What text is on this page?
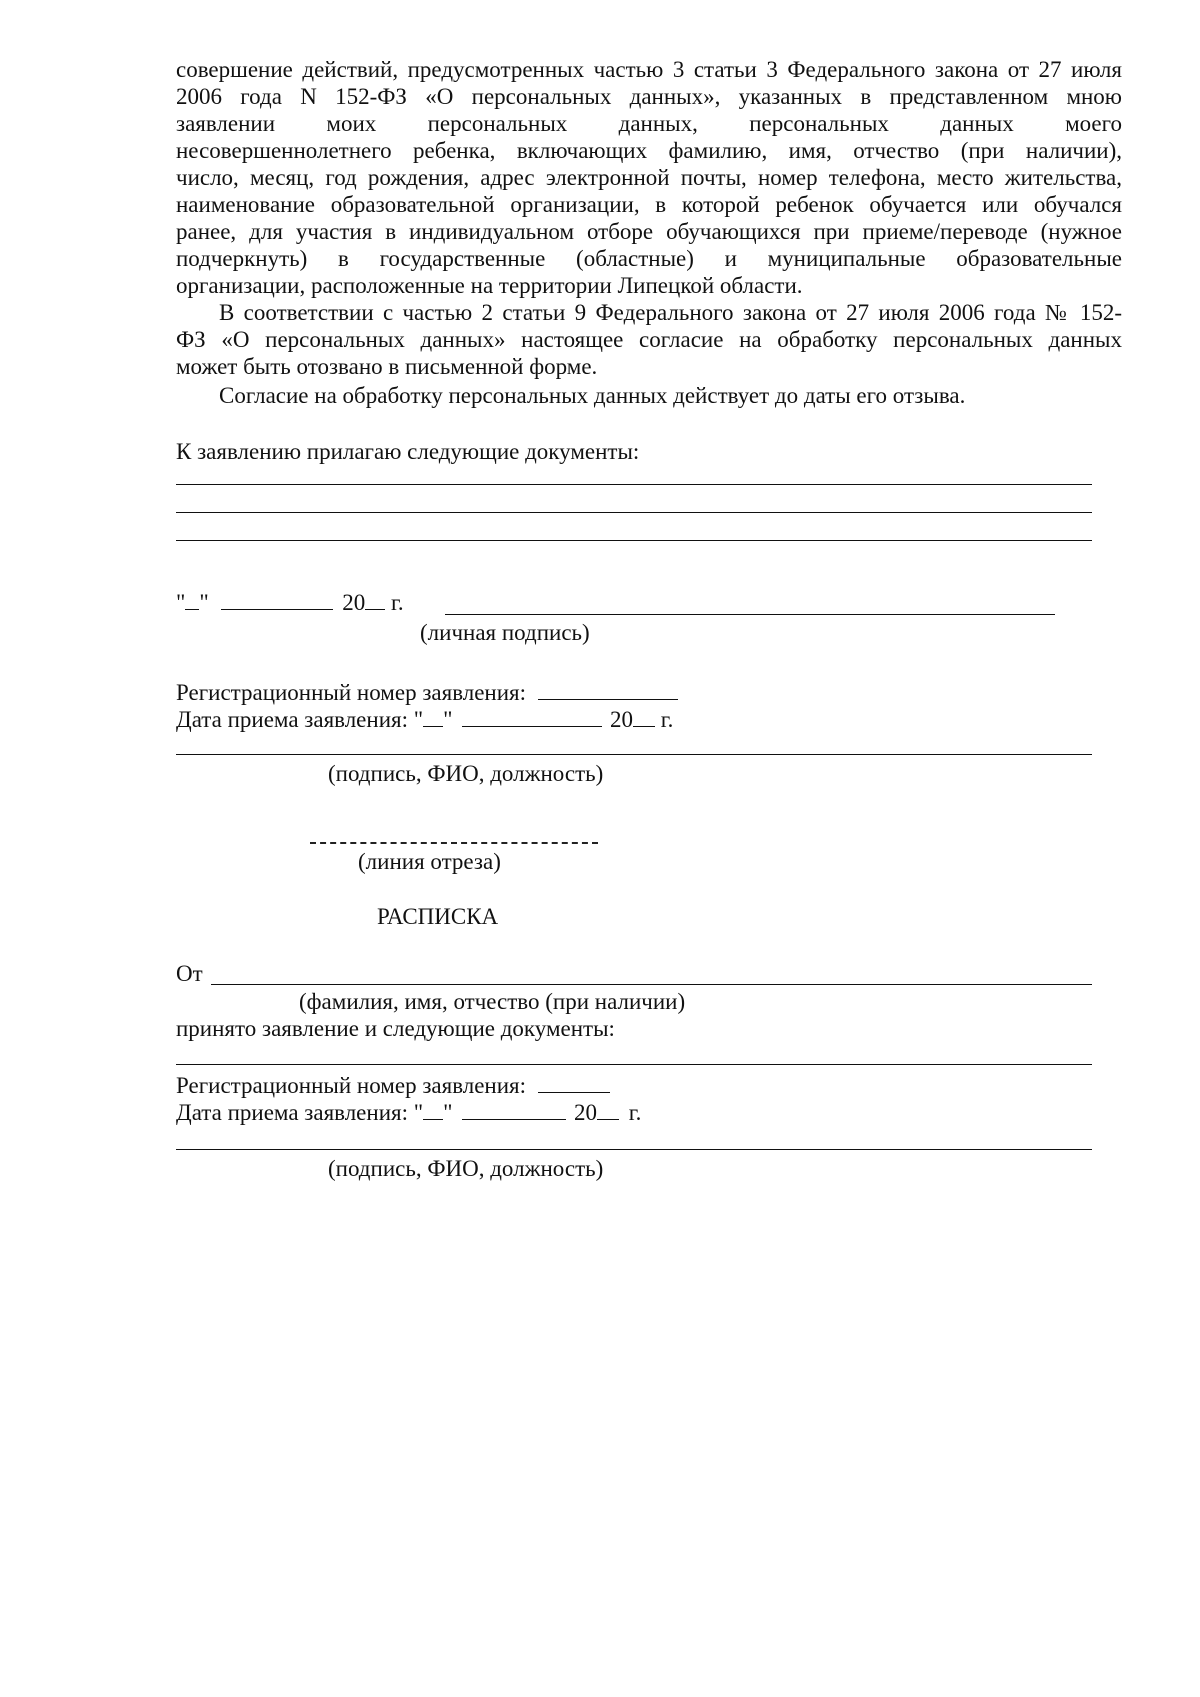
совершение действий, предусмотренных частью 3 статьи 3 Федерального закона от 27 июля
2006 года N 152-ФЗ «О персональных данных», указанных в представленном мною
заявлении моих персональных данных, персональных данных моего
несовершеннолетнего ребенка, включающих фамилию, имя, отчество (при наличии),
число, месяц, год рождения, адрес электронной почты, номер телефона, место жительства,
наименование образовательной организации, в которой ребенок обучается или обучался
ранее, для участия в индивидуальном отборе обучающихся при приеме/переводе (нужное
подчеркнуть) в государственные (областные) и муниципальные образовательные
организации, расположенные на территории Липецкой области.
В соответствии с частью 2 статьи 9 Федерального закона от 27 июля 2006 года № 152-
ФЗ «О персональных данных» настоящее согласие на обработку персональных данных
может быть отозвано в письменной форме.
Согласие на обработку персональных данных действует до даты его отзыва.
К заявлению прилагаю следующие документы:
" "	20 г.
(личная подпись)
Регистрационный номер заявления:
Дата приема заявления: " "	20 г.
(подпись, ФИО, должность)
(линия отреза)
РАСПИСКА
От
(фамилия, имя, отчество (при наличии)
принято заявление и следующие документы:
Регистрационный номер заявления:
Дата приема заявления: " "	20 г.
(подпись, ФИО, должность)
